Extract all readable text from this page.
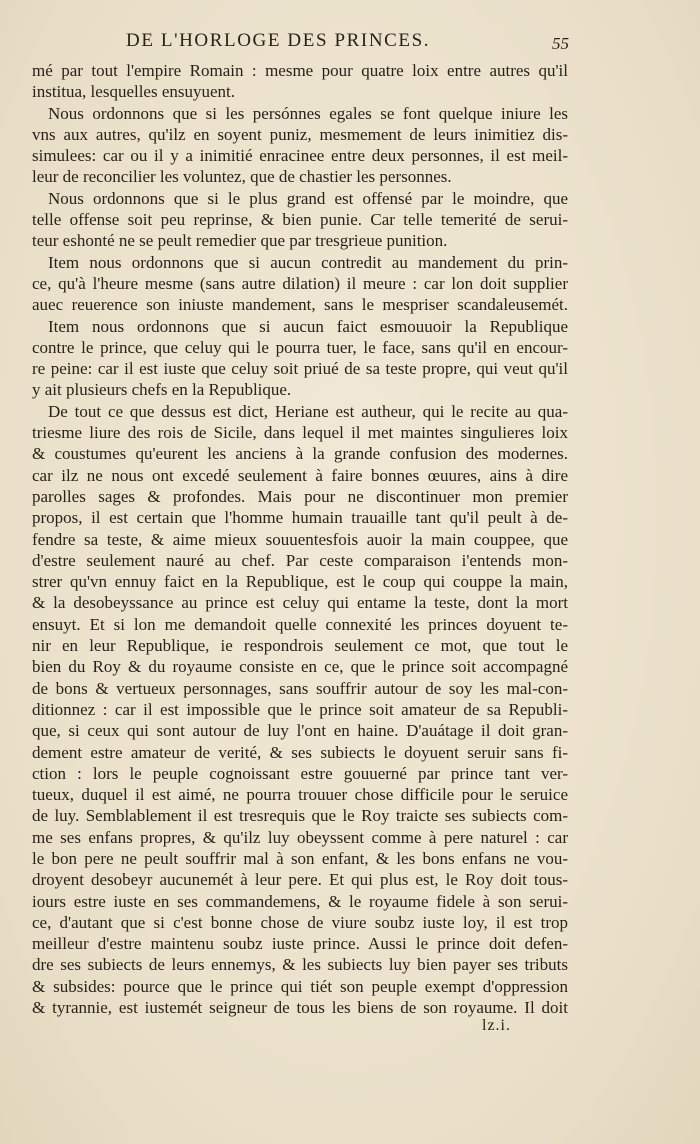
DE L'HORLOGE DES PRINCES.	55
mé par tout l'empire Romain : mesme pour quatre loix entre autres qu'il
institua, lesquelles ensuyuent.
Nous ordonnons que si les persónnes egales se font quelque iniure les
vns aux autres, qu'ilz en soyent puniz, mesmement de leurs inimitiez dis-
simulees: car ou il y a inimitié enracinee entre deux personnes, il est meil-
leur de reconcilier les voluntez, que de chastier les personnes.
Nous ordonnons que si le plus grand est offensé par le moindre, que
telle offense soit peu reprinse, & bien punie. Car telle temerité de serui-
teur eshonté ne se peult remedier que par tresgrieue punition.
Item nous ordonnons que si aucun contredit au mandement du prin-
ce, qu'à l'heure mesme (sans autre dilation) il meure : car lon doit supplier
auec reuerence son iniuste mandement, sans le mespriser scandaleusemét.
Item nous ordonnons que si aucun faict esmouuoir la Republique
contre le prince, que celuy qui le pourra tuer, le face, sans qu'il en encour-
re peine: car il est iuste que celuy soit priué de sa teste propre, qui veut qu'il
y ait plusieurs chefs en la Republique.
De tout ce que dessus est dict, Heriane est autheur, qui le recite au qua-
triesme liure des rois de Sicile, dans lequel il met maintes singulieres loix
& coustumes qu'eurent les anciens à la grande confusion des modernes.
car ilz ne nous ont excedé seulement à faire bonnes œuures, ains à dire
parolles sages & profondes. Mais pour ne discontinuer mon premier
propos, il est certain que l'homme humain trauaille tant qu'il peult à de-
fendre sa teste, & aime mieux souuentesfois auoir la main couppee, que
d'estre seulement nauré au chef. Par ceste comparaison i'entends mon-
strer qu'vn ennuy faict en la Republique, est le coup qui couppe la main,
& la desobeyssance au prince est celuy qui entame la teste, dont la mort
ensuyt. Et si lon me demandoit quelle connexité les princes doyuent te-
nir en leur Republique, ie respondrois seulement ce mot, que tout le
bien du Roy & du royaume consiste en ce, que le prince soit accompagné
de bons & vertueux personnages, sans souffrir autour de soy les mal-con-
ditionnez : car il est impossible que le prince soit amateur de sa Republi-
que, si ceux qui sont autour de luy l'ont en haine. D'auátage il doit gran-
dement estre amateur de verité, & ses subiects le doyuent seruir sans fi-
ction : lors le peuple cognoissant estre gouuerné par prince tant ver-
tueux, duquel il est aimé, ne pourra trouuer chose difficile pour le seruice
de luy. Semblablement il est tresrequis que le Roy traicte ses subiects com-
me ses enfans propres, & qu'ilz luy obeyssent comme à pere naturel : car
le bon pere ne peult souffrir mal à son enfant, & les bons enfans ne vou-
droyent desobeyr aucunemét à leur pere. Et qui plus est, le Roy doit tous-
iours estre iuste en ses commandemens, & le royaume fidele à son serui-
ce, d'autant que si c'est bonne chose de viure soubz iuste loy, il est trop
meilleur d'estre maintenu soubz iuste prince. Aussi le prince doit defen-
dre ses subiects de leurs ennemys, & les subiects luy bien payer ses tributs
& subsides: pource que le prince qui tiét son peuple exempt d'oppression
& tyrannie, est iustemét seigneur de tous les biens de son royaume. Il doit
lz.i.
